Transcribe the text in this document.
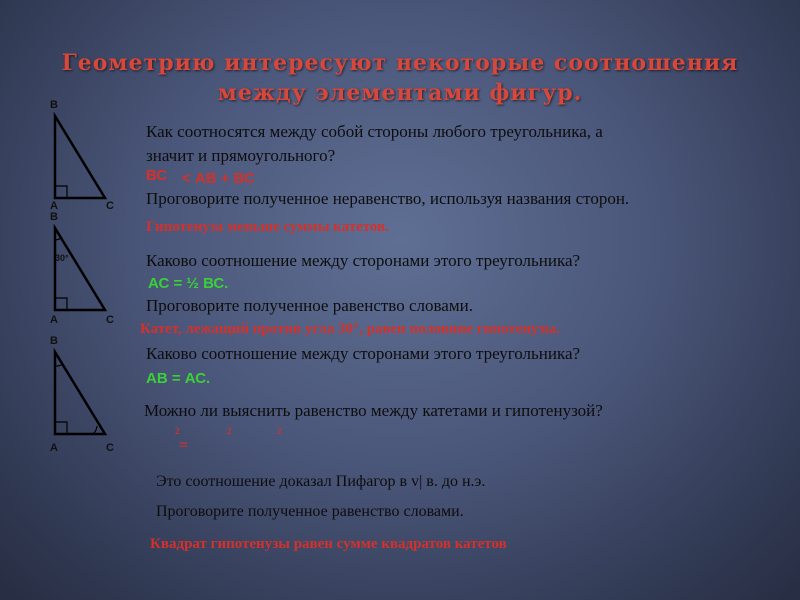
Геометрию интересуют некоторые соотношения между элементами фигур.
В
А	С
В
30°
А	С
В
А	С
Как соотносятся между собой стороны любого треугольника, а
значит и прямоугольного?
ВС < АВ + ВС
Проговорите полученное неравенство, используя названия сторон.
Гипотенуза меньше суммы катетов.
Каково соотношение между сторонами этого треугольника?
АС = ½ ВС.
Проговорите полученное равенство словами.
Катет, лежащий против угла 30°, равен половине гипотенузы.
Каково соотношение между сторонами этого треугольника?
АВ = АС.
Можно ли выяснить равенство между катетами и гипотенузой?
2
=
2	2
Это соотношение доказал Пифагор в v| в. до н.э.
Проговорите полученное равенство словами.
Квадрат гипотенузы равен сумме квадратов катетов
